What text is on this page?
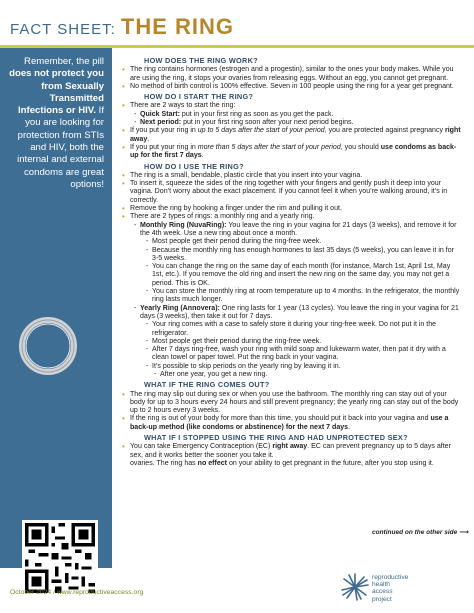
FACT SHEET: THE RING
Remember, the pill does not protect you from Sexually Transmitted Infections or HIV. If you are looking for protection from STIs and HIV, both the internal and external condoms are great options!
HOW DOES THE RING WORK?
• The ring contains hormones (estrogen and a progestin), similar to the ones your body makes. While you are using the ring, it stops your ovaries from releasing eggs. Without an egg, you cannot get pregnant.
• No method of birth control is 100% effective. Seven in 100 people using the ring for a year get pregnant.
HOW DO I START THE RING?
• There are 2 ways to start the ring:
- Quick Start: put in your first ring as soon as you get the pack.
- Next period: put in your first ring soon after your next period begins.
• If you put your ring in up to 5 days after the start of your period, you are protected against pregnancy right away.
• If you put your ring in more than 5 days after the start of your period, you should use condoms as back-up for the first 7 days.
HOW DO I USE THE RING?
• The ring is a small, bendable, plastic circle that you insert into your vagina.
• To insert it, squeeze the sides of the ring together with your fingers and gently push it deep into your vagina. Don’t worry about the exact placement. If you cannot feel it when you’re walking around, it’s in correctly.
• Remove the ring by hooking a finger under the rim and pulling it out.
• There are 2 types of rings: a monthly ring and a yearly ring.
- Monthly Ring (NuvaRing): You leave the ring in your vagina for 21 days (3 weeks), and remove it for the 4th week. Use a new ring about once a month.
- Most people get their period during the ring-free week.
- Because the monthly ring has enough hormones to last 35 days (5 weeks), you can leave it in for 3-5 weeks.
- You can change the ring on the same day of each month (for instance, March 1st, April 1st, May 1st, etc.). If you remove the old ring and insert the new ring on the same day, you may not get a period. This is OK.
- You can store the monthly ring at room temperature up to 4 months. In the refrigerator, the monthly ring lasts much longer.
- Yearly Ring (Annovera): One ring lasts for 1 year (13 cycles). You leave the ring in your vagina for 21 days (3 weeks), then take it out for 7 days.
- Your ring comes with a case to safely store it during your ring-free week. Do not put it in the refrigerator.
- Most people get their period during the ring-free week.
- After 7 days ring-free, wash your ring with mild soap and lukewarm water, then pat it dry with a clean towel or paper towel. Put the ring back in your vagina.
- It’s possible to skip periods on the yearly ring by leaving it in.
- After one year, you get a new ring.
WHAT IF THE RING COMES OUT?
• The ring may slip out during sex or when you use the bathroom. The monthly ring can stay out of your body for up to 3 hours every 24 hours and still prevent pregnancy; the yearly ring can stay out of the body up to 2 hours every 3 weeks.
• If the ring is out of your body for more than this time, you should put it back into your vagina and use a back-up method (like condoms or abstinence) for the next 7 days.
WHAT IF I STOPPED USING THE RING AND HAD UNPROTECTED SEX?
• You can take Emergency Contraception (EC) right away. EC can prevent pregnancy up to 5 days after sex, and it works better the sooner you take it.
ovaries. The ring has no effect on your ability to get pregnant in the future, after you stop using it.
continued on the other side ⟶
October 2024 / www.reproductiveaccess.org
reproductive
health
access
project
